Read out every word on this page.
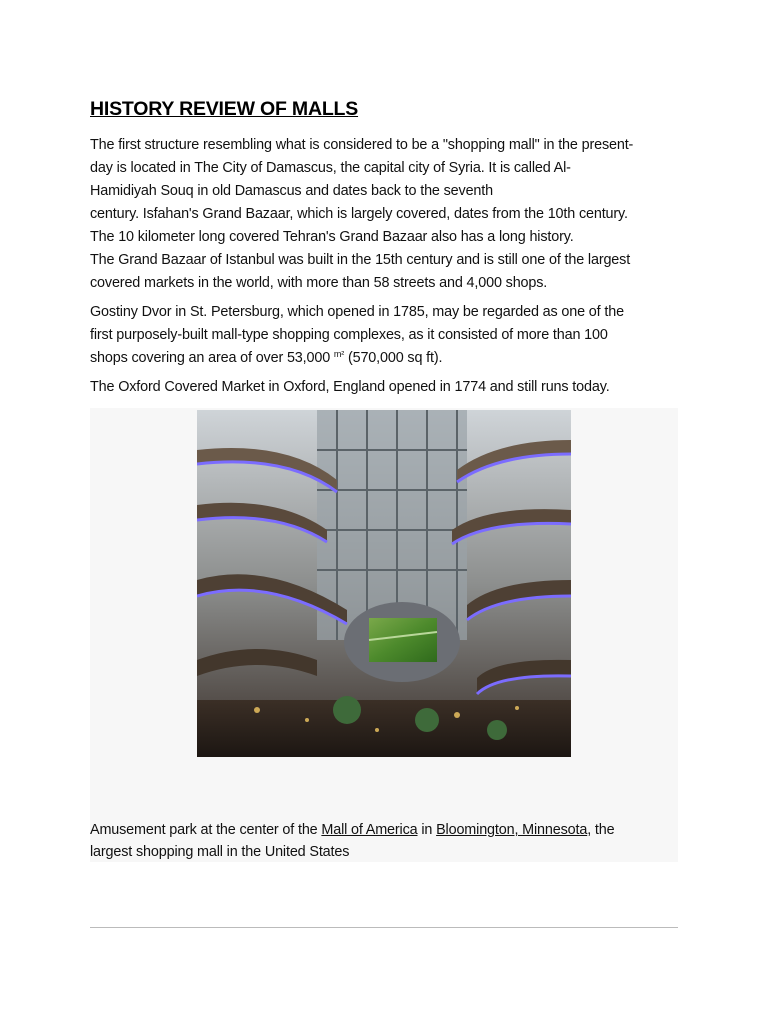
HISTORY REVIEW OF MALLS

The first structure resembling what is considered to be a "shopping mall" in the present-
day is located in The City of Damascus, the capital city of Syria. It is called Al-
Hamidiyah Souq in old Damascus and dates back to the seventh
century. Isfahan's Grand Bazaar, which is largely covered, dates from the 10th century.
The 10 kilometer long covered Tehran's Grand Bazaar also has a long history.
The Grand Bazaar of Istanbul was built in the 15th century and is still one of the largest
covered markets in the world, with more than 58 streets and 4,000 shops.

Gostiny Dvor in St. Petersburg, which opened in 1785, may be regarded as one of the
first purposely-built mall-type shopping complexes, as it consisted of more than 100
shops covering an area of over 53,000 $^{m^2}$ (570,000 sq ft).

The Oxford Covered Market in Oxford, England opened in 1774 and still runs today.

Amusement park at the center of the Mall of America in Bloomington, Minnesota, the
largest shopping mall in the United States
